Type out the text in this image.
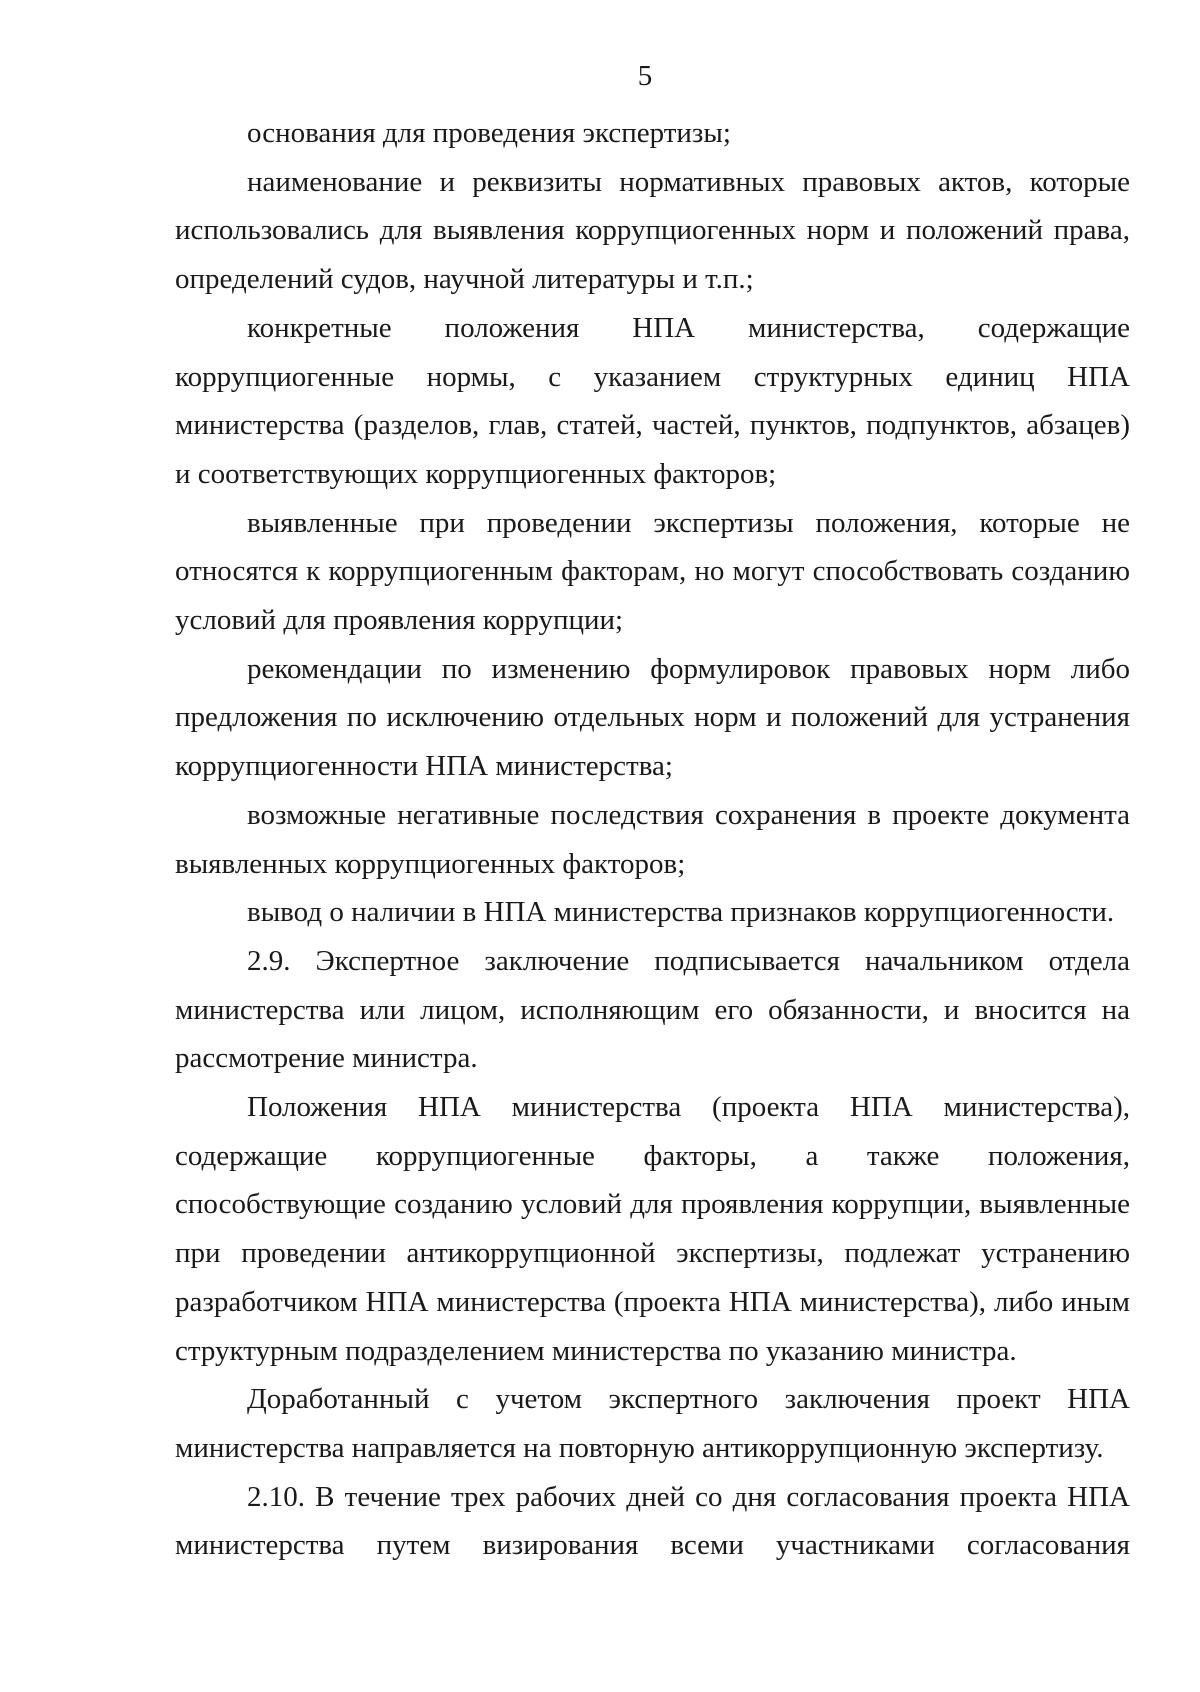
5

основания для проведения экспертизы;

наименование и реквизиты нормативных правовых актов, которые использовались для выявления коррупциогенных норм и положений права, определений судов, научной литературы и т.п.;

конкретные положения НПА министерства, содержащие коррупциогенные нормы, с указанием структурных единиц НПА министерства (разделов, глав, статей, частей, пунктов, подпунктов, абзацев) и соответствующих коррупциогенных факторов;

выявленные при проведении экспертизы положения, которые не относятся к коррупциогенным факторам, но могут способствовать созданию условий для проявления коррупции;

рекомендации по изменению формулировок правовых норм либо предложения по исключению отдельных норм и положений для устранения коррупциогенности НПА министерства;

возможные негативные последствия сохранения в проекте документа выявленных коррупциогенных факторов;

вывод о наличии в НПА министерства признаков коррупциогенности.

2.9. Экспертное заключение подписывается начальником отдела министерства или лицом, исполняющим его обязанности, и вносится на рассмотрение министра.

Положения НПА министерства (проекта НПА министерства), содержащие коррупциогенные факторы, а также положения, способствующие созданию условий для проявления коррупции, выявленные при проведении антикоррупционной экспертизы, подлежат устранению разработчиком НПА министерства (проекта НПА министерства), либо иным структурным подразделением министерства по указанию министра.

Доработанный с учетом экспертного заключения проект НПА министерства направляется на повторную антикоррупционную экспертизу.

2.10. В течение трех рабочих дней со дня согласования проекта НПА министерства путем визирования всеми участниками согласования
